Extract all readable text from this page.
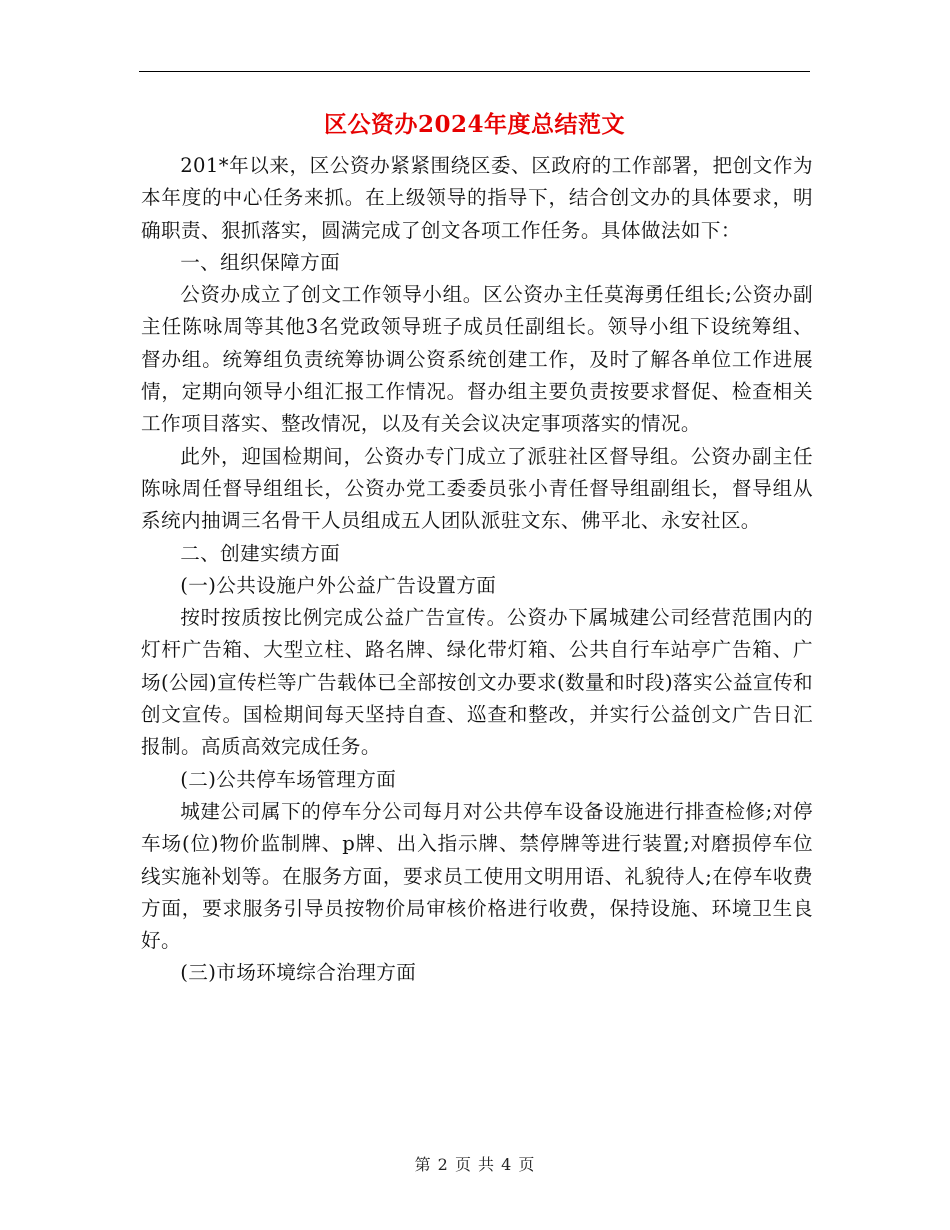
区公资办2024年度总结范文

201*年以来，区公资办紧紧围绕区委、区政府的工作部署，把创文作为本年度的中心任务来抓。在上级领导的指导下，结合创文办的具体要求，明确职责、狠抓落实，圆满完成了创文各项工作任务。具体做法如下：

一、组织保障方面

公资办成立了创文工作领导小组。区公资办主任莫海勇任组长;公资办副主任陈咏周等其他3名党政领导班子成员任副组长。领导小组下设统筹组、督办组。统筹组负责统筹协调公资系统创建工作，及时了解各单位工作进展情，定期向领导小组汇报工作情况。督办组主要负责按要求督促、检查相关工作项目落实、整改情况，以及有关会议决定事项落实的情况。

此外，迎国检期间，公资办专门成立了派驻社区督导组。公资办副主任陈咏周任督导组组长，公资办党工委委员张小青任督导组副组长，督导组从系统内抽调三名骨干人员组成五人团队派驻文东、佛平北、永安社区。

二、创建实绩方面

(一)公共设施户外公益广告设置方面

按时按质按比例完成公益广告宣传。公资办下属城建公司经营范围内的灯杆广告箱、大型立柱、路名牌、绿化带灯箱、公共自行车站亭广告箱、广场(公园)宣传栏等广告载体已全部按创文办要求(数量和时段)落实公益宣传和创文宣传。国检期间每天坚持自查、巡查和整改，并实行公益创文广告日汇报制。高质高效完成任务。

(二)公共停车场管理方面

城建公司属下的停车分公司每月对公共停车设备设施进行排查检修;对停车场(位)物价监制牌、p牌、出入指示牌、禁停牌等进行装置;对磨损停车位线实施补划等。在服务方面，要求员工使用文明用语、礼貌待人;在停车收费方面，要求服务引导员按物价局审核价格进行收费，保持设施、环境卫生良好。

(三)市场环境综合治理方面

第 2 页 共 4 页
